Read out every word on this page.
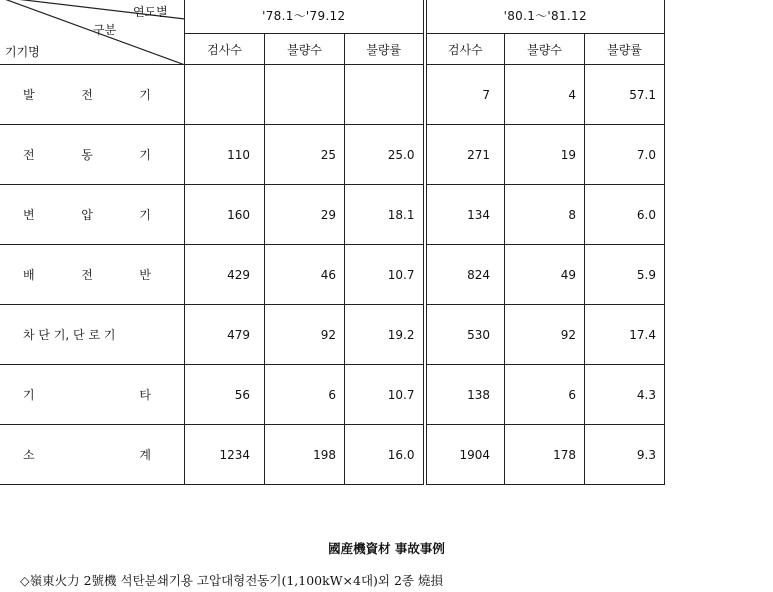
연도별
구분
기기명	'78.1～'79.12			'80.1～'81.12		
	검사수	불량수	불량률	검사수	불량수	불량률

발 전 기				7	4	57.1

전 동 기	110	25	25.0	271	19	7.0

변 압 기	160	29	18.1	134	8	6.0

배 전 반	429	46	10.7	824	49	5.9

차 단 기, 단 로 기	479	92	19.2	530	92	17.4

기 타	56	6	10.7	138	6	4.3

소 계	1234	198	16.0	1904	178	9.3
國産機資材 事故事例
◇嶺東火力 2號機 석탄분쇄기용 고압대형전동기(1,100kW×4대)외 2종 燒損
